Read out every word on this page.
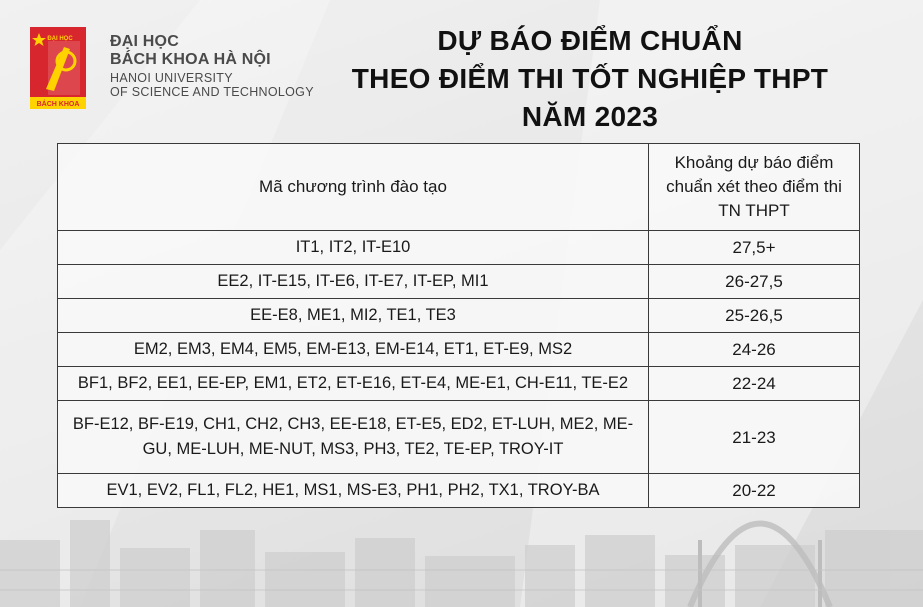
ĐẠI HỌC
BÁCH KHOA
ĐẠI HỌC
BÁCH KHOA HÀ NỘI
HANOI UNIVERSITY
OF SCIENCE AND TECHNOLOGY
DỰ BÁO ĐIỂM CHUẨN
THEO ĐIỂM THI TỐT NGHIỆP THPT
NĂM 2023
Mã chương trình đào tạo	Khoảng dự báo điểm chuẩn xét theo điểm thi TN THPT
IT1, IT2, IT-E10	27,5+
EE2, IT-E15, IT-E6, IT-E7, IT-EP, MI1	26-27,5
EE-E8, ME1, MI2, TE1, TE3	25-26,5
EM2, EM3, EM4, EM5, EM-E13, EM-E14, ET1, ET-E9, MS2	24-26
BF1, BF2, EE1, EE-EP, EM1, ET2, ET-E16, ET-E4, ME-E1, CH-E11, TE-E2	22-24
BF-E12, BF-E19, CH1, CH2, CH3, EE-E18, ET-E5, ED2, ET-LUH, ME2, ME-GU, ME-LUH, ME-NUT, MS3, PH3, TE2, TE-EP, TROY-IT	21-23
EV1, EV2, FL1, FL2, HE1, MS1, MS-E3, PH1, PH2, TX1, TROY-BA	20-22
